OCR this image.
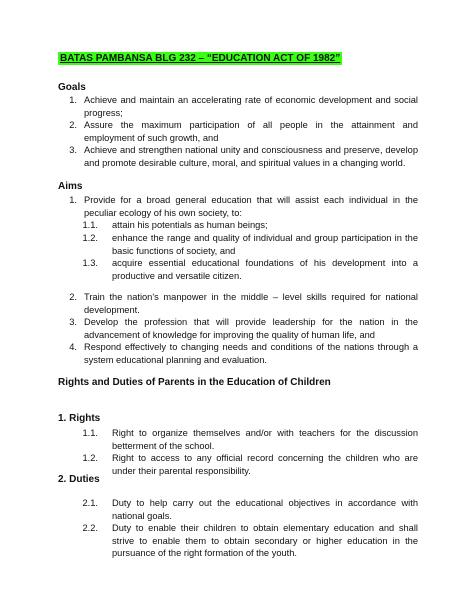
BATAS PAMBANSA BLG 232 – “EDUCATION ACT OF 1982”
Goals
1. Achieve and maintain an accelerating rate of economic development and social progress;
2. Assure the maximum participation of all people in the attainment and employment of such growth, and
3. Achieve and strengthen national unity and consciousness and preserve, develop and promote desirable culture, moral, and spiritual values in a changing world.
Aims
1. Provide for a broad general education that will assist each individual in the peculiar ecology of his own society, to:
1.1. attain his potentials as human beings;
1.2. enhance the range and quality of individual and group participation in the basic functions of society, and
1.3. acquire essential educational foundations of his development into a productive and versatile citizen.
2. Train the nation's manpower in the middle – level skills required for national development.
3. Develop the profession that will provide leadership for the nation in the advancement of knowledge for improving the quality of human life, and
4. Respond effectively to changing needs and conditions of the nations through a system educational planning and evaluation.
Rights and Duties of Parents in the Education of Children
1. Rights
1.1. Right to organize themselves and/or with teachers for the discussion betterment of the school.
1.2. Right to access to any official record concerning the children who are under their parental responsibility.
2. Duties
2.1. Duty to help carry out the educational objectives in accordance with national goals.
2.2. Duty to enable their children to obtain elementary education and shall strive to enable them to obtain secondary or higher education in the pursuance of the right formation of the youth.
